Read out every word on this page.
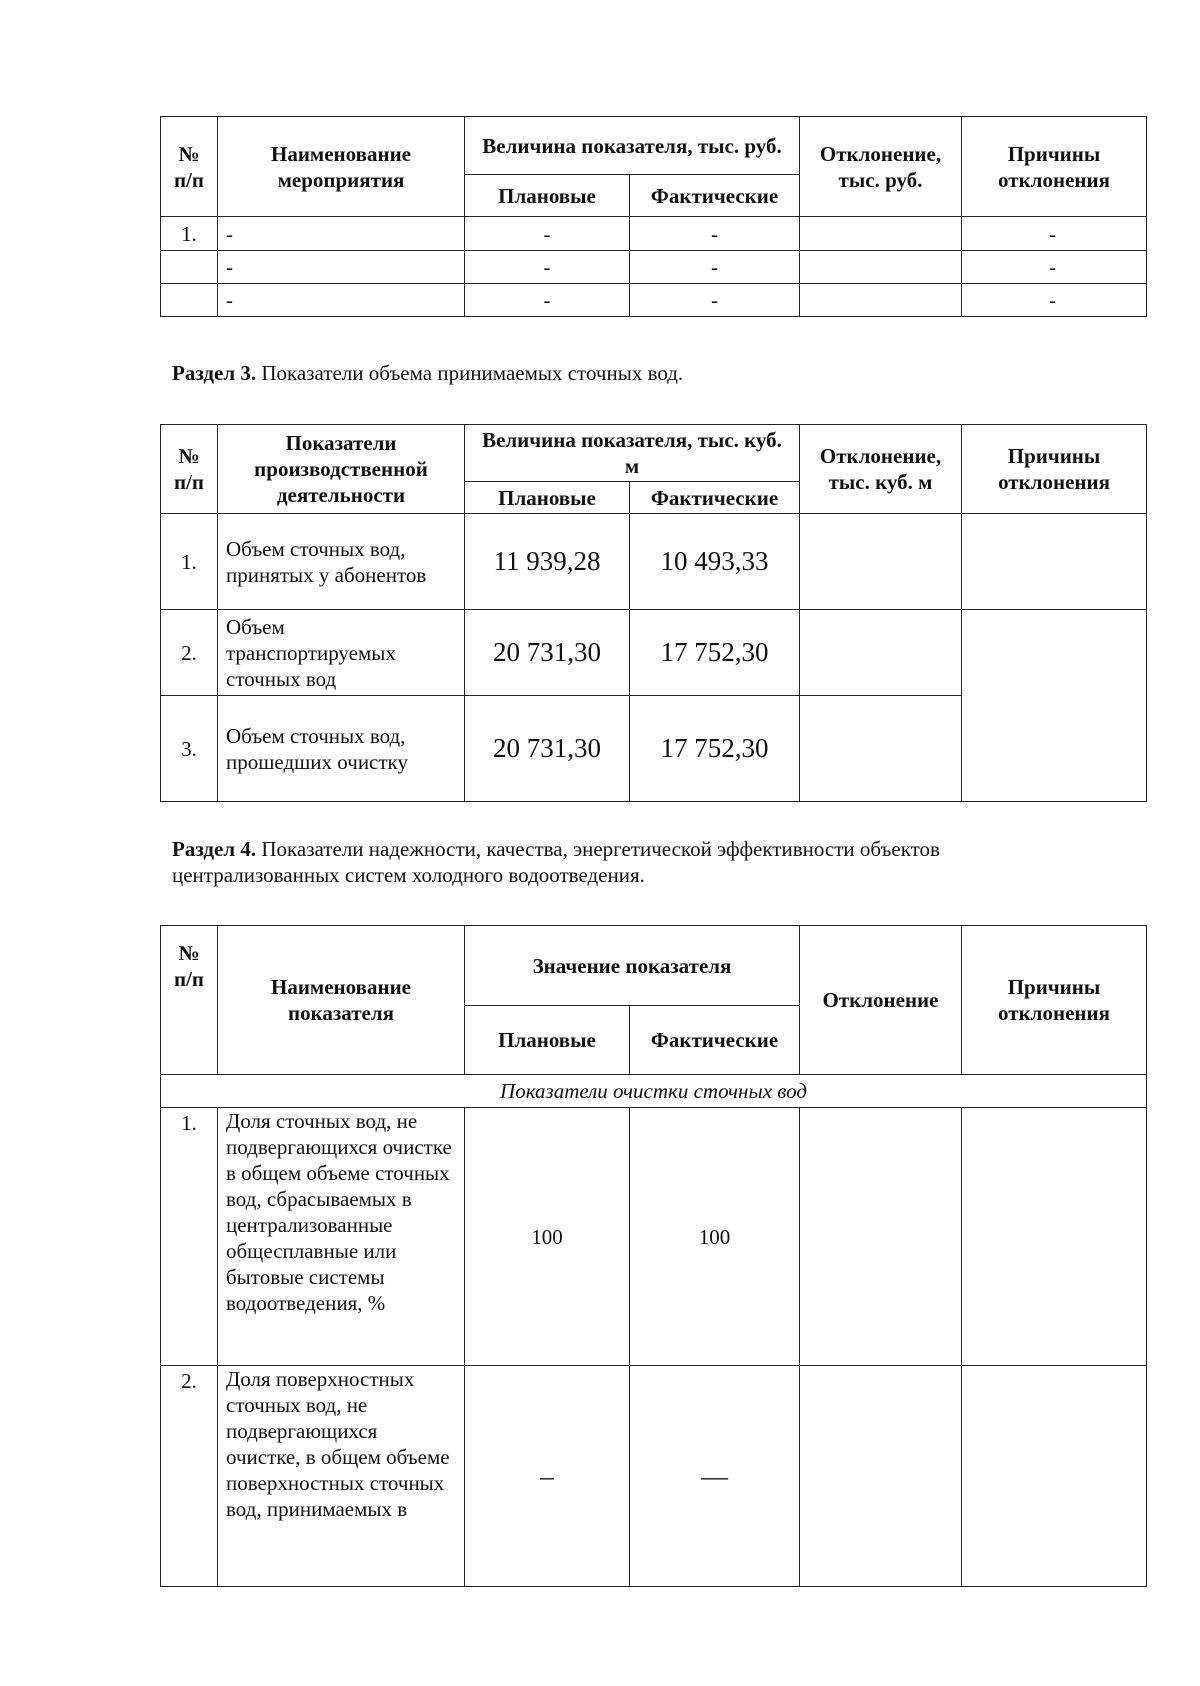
№ п/п	Наименование мероприятия	Величина показателя, тыс. руб.		Отклонение, тыс. руб.	Причины отклонения
		Плановые	Фактические		
1.	-	-	-		-
	-	-	-		-
	-	-	-		-
Раздел 3. Показатели объема принимаемых сточных вод.
№ п/п	Показатели производственной деятельности	Величина показателя, тыс. куб. м		Отклонение, тыс. куб. м	Причины отклонения
		Плановые	Фактические		
1.	Объем сточных вод, принятых у абонентов	11 939,28	10 493,33		
2.	Объем транспортируемых сточных вод	20 731,30	17 752,30		
3.	Объем сточных вод, прошедших очистку	20 731,30	17 752,30		
Раздел 4. Показатели надежности, качества, энергетической эффективности объектов централизованных систем холодного водоотведения.
№ п/п	Наименование показателя	Значение показателя		Отклонение	Причины отклонения
		Плановые	Фактические		
Показатели очистки сточных вод					
1.	Доля сточных вод, не подвергающихся очистке в общем объеме сточных вод, сбрасываемых в централизованные общесплавные или бытовые системы водоотведения, %	100	100		
2.	Доля поверхностных сточных вод, не подвергающихся очистке, в общем объеме поверхностных сточных вод, принимаемых в	–	—		
